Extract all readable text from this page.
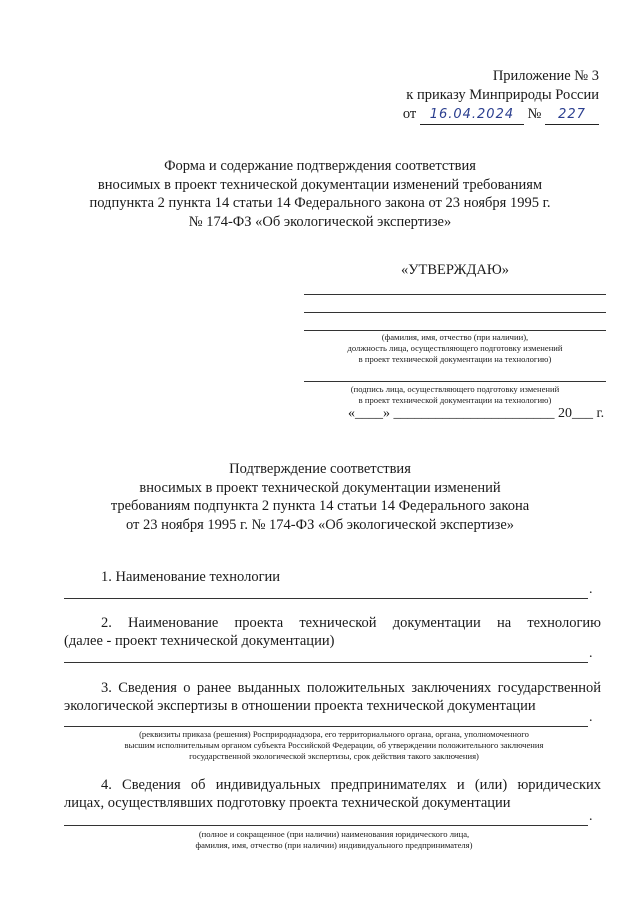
Приложение № 3
к приказу Минприроды России
от 16.04.2024 № 227
Форма и содержание подтверждения соответствия
вносимых в проект технической документации изменений требованиям
подпункта 2 пункта 14 статьи 14 Федерального закона от 23 ноября 1995 г.
№ 174-ФЗ «Об экологической экспертизе»
«УТВЕРЖДАЮ»
(фамилия, имя, отчество (при наличии),
должность лица, осуществляющего подготовку изменений
в проект технической документации на технологию)
(подпись лица, осуществляющего подготовку изменений
в проект технической документации на технологию)
«____» _______________________ 20___ г.
Подтверждение соответствия
вносимых в проект технической документации изменений
требованиям подпункта 2 пункта 14 статьи 14 Федерального закона
от 23 ноября 1995 г. № 174-ФЗ «Об экологической экспертизе»
1. Наименование технологии
.
2. Наименование проекта технической документации на технологию
(далее - проект технической документации)
.
3. Сведения о ранее выданных положительных заключениях государственной
экологической экспертизы в отношении проекта технической документации
.
(реквизиты приказа (решения) Росприроднадзора, его территориального органа, органа, уполномоченного
высшим исполнительным органом субъекта Российской Федерации, об утверждении положительного заключения
государственной экологической экспертизы, срок действия такого заключения)
4. Сведения об индивидуальных предпринимателях и (или) юридических
лицах, осуществлявших подготовку проекта технической документации
.
(полное и сокращенное (при наличии) наименования юридического лица,
фамилия, имя, отчество (при наличии) индивидуального предпринимателя)
